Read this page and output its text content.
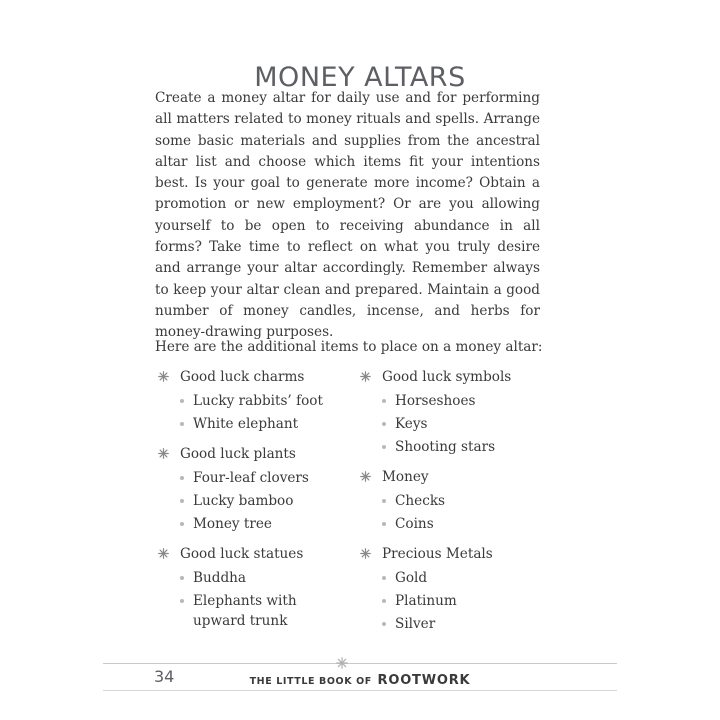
MONEY ALTARS

Create a money altar for daily use and for performing all matters related to money rituals and spells. Arrange some basic materials and supplies from the ancestral altar list and choose which items fit your intentions best. Is your goal to generate more income? Obtain a promotion or new employment? Or are you allowing yourself to be open to receiving abundance in all forms? Take time to reflect on what you truly desire and arrange your altar accordingly. Remember always to keep your altar clean and prepared. Maintain a good number of money candles, incense, and herbs for money-drawing purposes.

Here are the additional items to place on a money altar:

Good luck charms
Lucky rabbits’ foot
White elephant
Good luck plants
Four-leaf clovers
Lucky bamboo
Money tree
Good luck statues
Buddha
Elephants with upward trunk
Good luck symbols
Horseshoes
Keys
Shooting stars
Money
Checks
Coins
Precious Metals
Gold
Platinum
Silver
34	THE LITTLE BOOK OF ROOTWORK
